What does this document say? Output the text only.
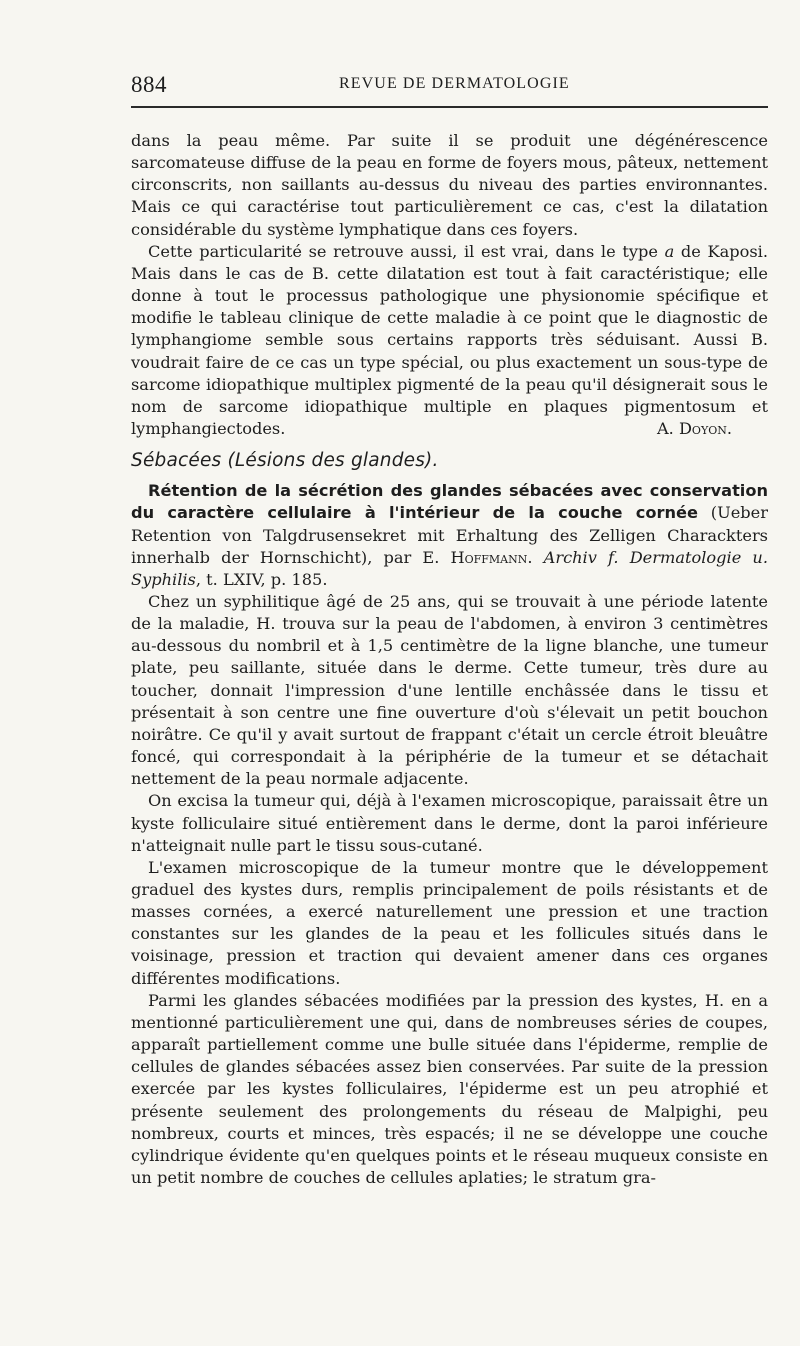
884	REVUE DE DERMATOLOGIE

dans la peau même. Par suite il se produit une dégénérescence sarcomateuse diffuse de la peau en forme de foyers mous, pâteux, nettement circonscrits, non saillants au-dessus du niveau des parties environnantes. Mais ce qui caractérise tout particulièrement ce cas, c'est la dilatation considérable du système lymphatique dans ces foyers.

Cette particularité se retrouve aussi, il est vrai, dans le type a de Kaposi. Mais dans le cas de B. cette dilatation est tout à fait caractéristique; elle donne à tout le processus pathologique une physionomie spécifique et modifie le tableau clinique de cette maladie à ce point que le diagnostic de lymphangiome semble sous certains rapports très séduisant. Aussi B. voudrait faire de ce cas un type spécial, ou plus exactement un sous-type de sarcome idiopathique multiplex pigmenté de la peau qu'il désignerait sous le nom de sarcome idiopathique multiple en plaques pigmentosum et lymphangiectodes.	A. Doyon.

Sébacées (Lésions des glandes).

Rétention de la sécrétion des glandes sébacées avec conservation du caractère cellulaire à l'intérieur de la couche cornée (Ueber Retention von Talgdrusensekret mit Erhaltung des Zelligen Charackters innerhalb der Hornschicht), par E. Hoffmann. Archiv f. Dermatologie u. Syphilis, t. LXIV, p. 185.

Chez un syphilitique âgé de 25 ans, qui se trouvait à une période latente de la maladie, H. trouva sur la peau de l'abdomen, à environ 3 centimètres au-dessous du nombril et à 1,5 centimètre de la ligne blanche, une tumeur plate, peu saillante, située dans le derme. Cette tumeur, très dure au toucher, donnait l'impression d'une lentille enchâssée dans le tissu et présentait à son centre une fine ouverture d'où s'élevait un petit bouchon noirâtre. Ce qu'il y avait surtout de frappant c'était un cercle étroit bleuâtre foncé, qui correspondait à la périphérie de la tumeur et se détachait nettement de la peau normale adjacente.

On excisa la tumeur qui, déjà à l'examen microscopique, paraissait être un kyste folliculaire situé entièrement dans le derme, dont la paroi inférieure n'atteignait nulle part le tissu sous-cutané.

L'examen microscopique de la tumeur montre que le développement graduel des kystes durs, remplis principalement de poils résistants et de masses cornées, a exercé naturellement une pression et une traction constantes sur les glandes de la peau et les follicules situés dans le voisinage, pression et traction qui devaient amener dans ces organes différentes modifications.

Parmi les glandes sébacées modifiées par la pression des kystes, H. en a mentionné particulièrement une qui, dans de nombreuses séries de coupes, apparaît partiellement comme une bulle située dans l'épiderme, remplie de cellules de glandes sébacées assez bien conservées. Par suite de la pression exercée par les kystes folliculaires, l'épiderme est un peu atrophié et présente seulement des prolongements du réseau de Malpighi, peu nombreux, courts et minces, très espacés; il ne se développe une couche cylindrique évidente qu'en quelques points et le réseau muqueux consiste en un petit nombre de couches de cellules aplaties; le stratum gra-
